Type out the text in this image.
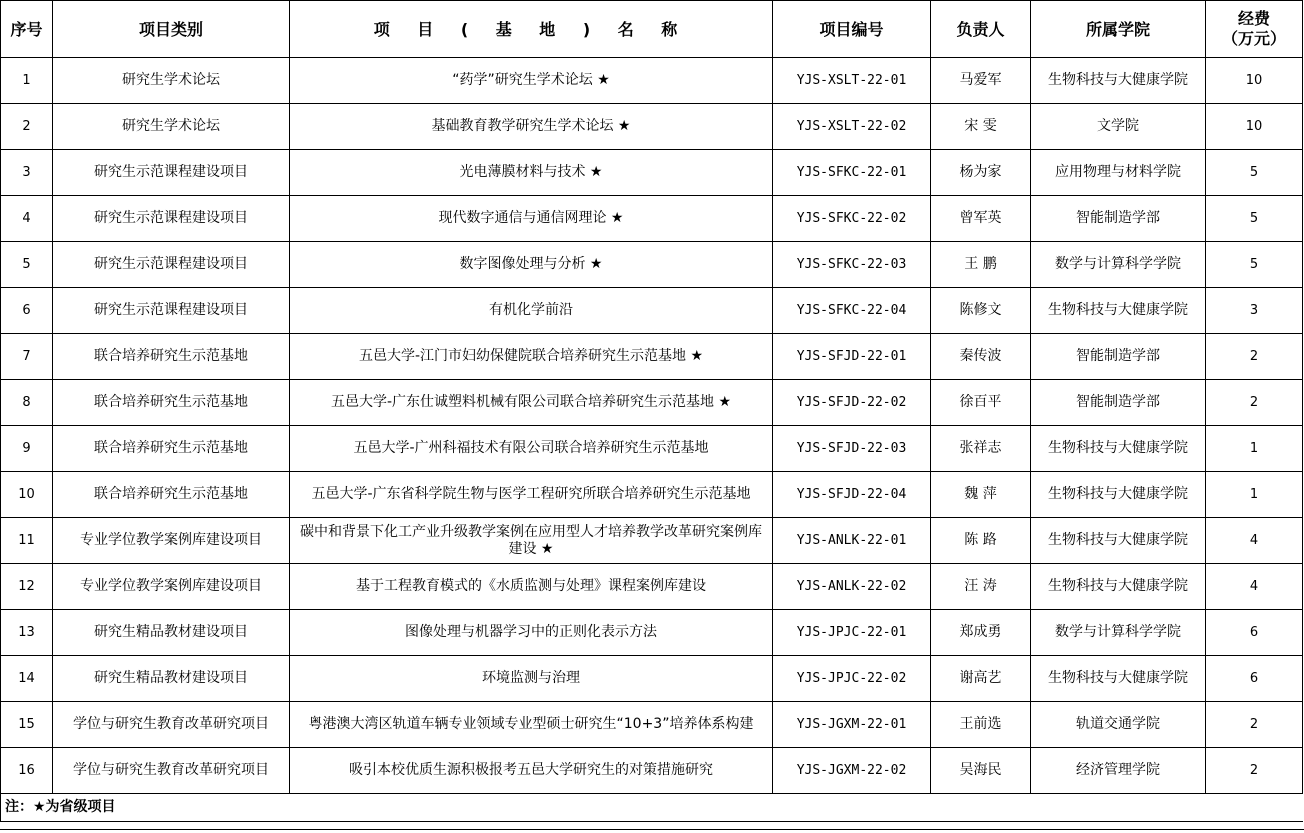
序号	项目类别	项 目 ( 基 地 ) 名 称	项目编号	负责人	所属学院	经费
（万元）
1	研究生学术论坛	“药学”研究生学术论坛 ★	YJS-XSLT-22-01	马爱军	生物科技与大健康学院	10
2	研究生学术论坛	基础教育教学研究生学术论坛 ★	YJS-XSLT-22-02	宋 雯	文学院	10
3	研究生示范课程建设项目	光电薄膜材料与技术 ★	YJS-SFKC-22-01	杨为家	应用物理与材料学院	5
4	研究生示范课程建设项目	现代数字通信与通信网理论 ★	YJS-SFKC-22-02	曾军英	智能制造学部	5
5	研究生示范课程建设项目	数字图像处理与分析 ★	YJS-SFKC-22-03	王 鹏	数学与计算科学学院	5
6	研究生示范课程建设项目	有机化学前沿	YJS-SFKC-22-04	陈修文	生物科技与大健康学院	3
7	联合培养研究生示范基地	五邑大学-江门市妇幼保健院联合培养研究生示范基地 ★	YJS-SFJD-22-01	秦传波	智能制造学部	2
8	联合培养研究生示范基地	五邑大学-广东仕诚塑料机械有限公司联合培养研究生示范基地 ★	YJS-SFJD-22-02	徐百平	智能制造学部	2
9	联合培养研究生示范基地	五邑大学-广州科福技术有限公司联合培养研究生示范基地	YJS-SFJD-22-03	张祥志	生物科技与大健康学院	1
10	联合培养研究生示范基地	五邑大学-广东省科学院生物与医学工程研究所联合培养研究生示范基地	YJS-SFJD-22-04	魏 萍	生物科技与大健康学院	1
11	专业学位教学案例库建设项目	碳中和背景下化工产业升级教学案例在应用型人才培养教学改革研究案例库建设 ★	YJS-ANLK-22-01	陈 路	生物科技与大健康学院	4
12	专业学位教学案例库建设项目	基于工程教育模式的《水质监测与处理》课程案例库建设	YJS-ANLK-22-02	汪 涛	生物科技与大健康学院	4
13	研究生精品教材建设项目	图像处理与机器学习中的正则化表示方法	YJS-JPJC-22-01	郑成勇	数学与计算科学学院	6
14	研究生精品教材建设项目	环境监测与治理	YJS-JPJC-22-02	谢高艺	生物科技与大健康学院	6
15	学位与研究生教育改革研究项目	粤港澳大湾区轨道车辆专业领域专业型硕士研究生“10+3”培养体系构建	YJS-JGXM-22-01	王前选	轨道交通学院	2
16	学位与研究生教育改革研究项目	吸引本校优质生源积极报考五邑大学研究生的对策措施研究	YJS-JGXM-22-02	吴海民	经济管理学院	2
注：★为省级项目						
